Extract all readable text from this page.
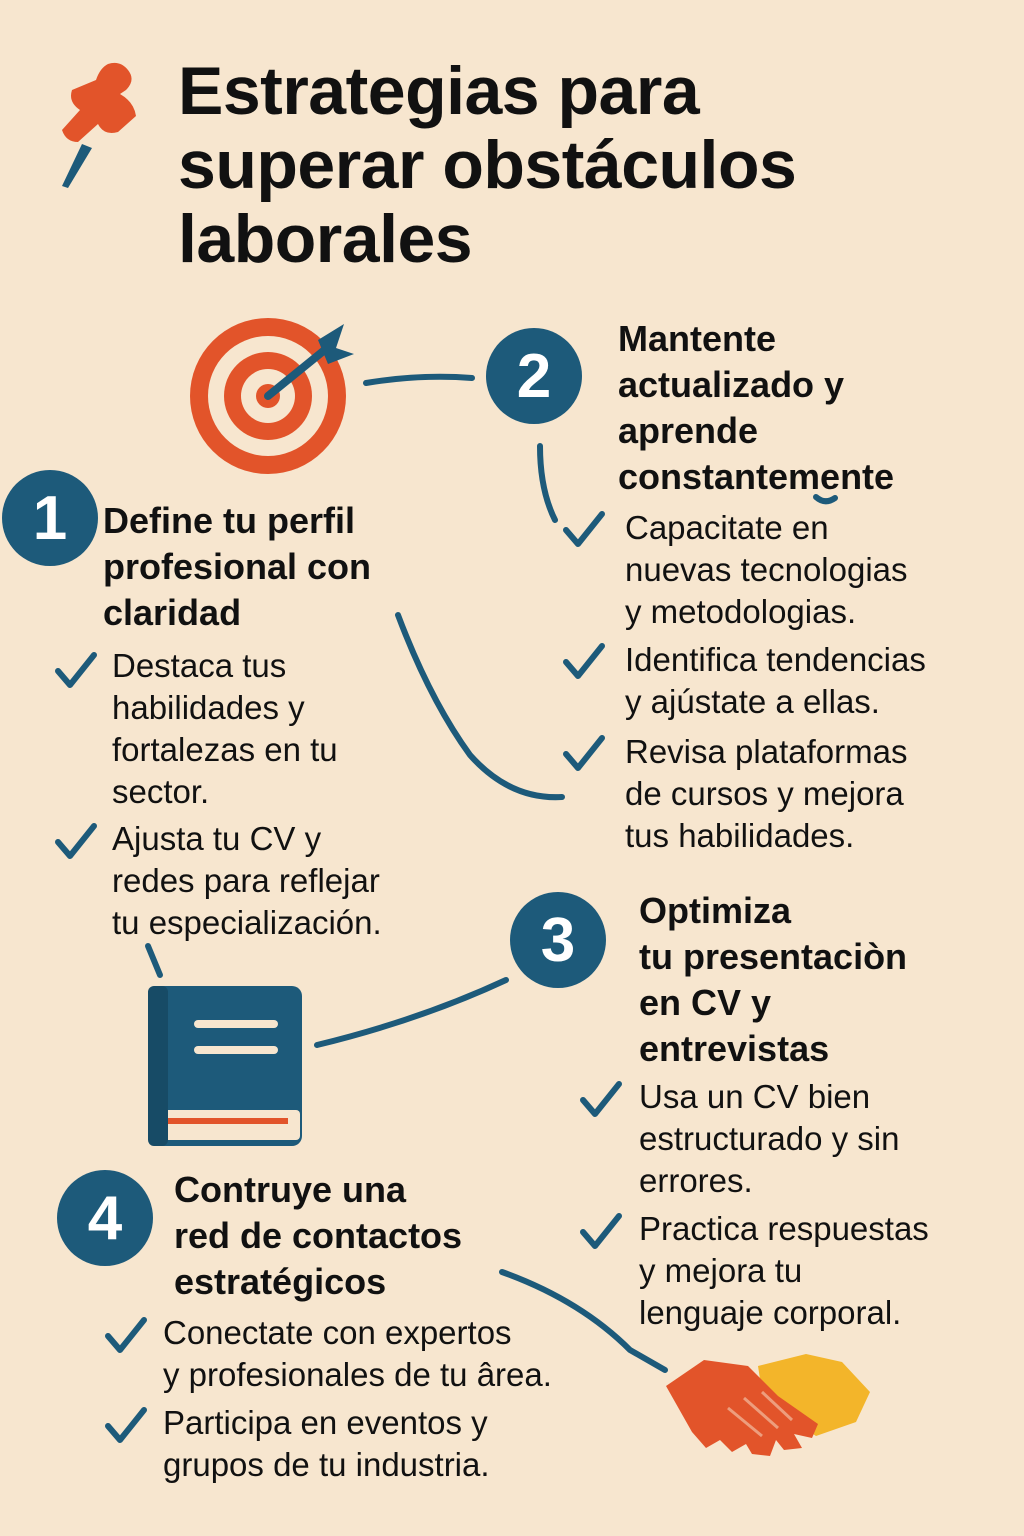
Estrategias para
superar obstáculos
laborales
1 Define tu perfil
profesional con
claridad
Destaca tus
habilidades y
fortalezas en tu
sector.
Ajusta tu CV y
redes para reflejar
tu especialización.
2
Mantente
actualizado y
aprende
constantemente
Capacitate en
nuevas tecnologias
y metodologias.
Identifica tendencias
y ajústate a ellas.
Revisa plataformas
de cursos y mejora
tus habilidades.
3	Optimiza
tu presentaciòn
en CV y
entrevistas
Usa un CV bien
estructurado y sin
errores.
Practica respuestas
y mejora tu
lenguaje corporal.
4	Contruye una
red de contactos
estratégicos
Conectate con expertos
y profesionales de tu ârea.
Participa en eventos y
grupos de tu industria.
